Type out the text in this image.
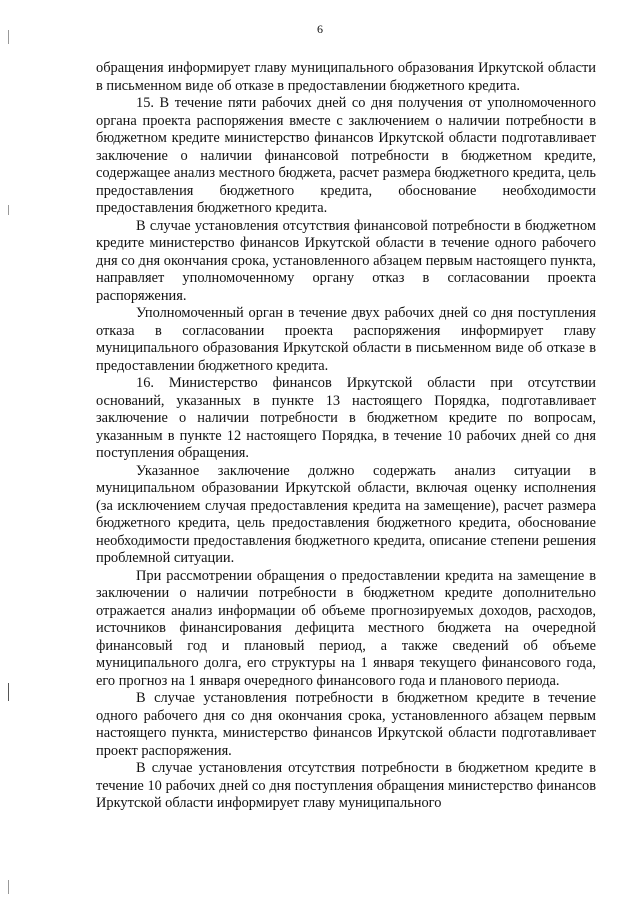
6

обращения информирует главу муниципального образования Иркутской области в письменном виде об отказе в предоставлении бюджетного кредита.

15. В течение пяти рабочих дней со дня получения от уполномоченного органа проекта распоряжения вместе с заключением о наличии потребности в бюджетном кредите министерство финансов Иркутской области подготавливает заключение о наличии финансовой потребности в бюджетном кредите, содержащее анализ местного бюджета, расчет размера бюджетного кредита, цель предоставления бюджетного кредита, обоснование необходимости предоставления бюджетного кредита.

В случае установления отсутствия финансовой потребности в бюджетном кредите министерство финансов Иркутской области в течение одного рабочего дня со дня окончания срока, установленного абзацем первым настоящего пункта, направляет уполномоченному органу отказ в согласовании проекта распоряжения.

Уполномоченный орган в течение двух рабочих дней со дня поступления отказа в согласовании проекта распоряжения информирует главу муниципального образования Иркутской области в письменном виде об отказе в предоставлении бюджетного кредита.

16. Министерство финансов Иркутской области при отсутствии оснований, указанных в пункте 13 настоящего Порядка, подготавливает заключение о наличии потребности в бюджетном кредите по вопросам, указанным в пункте 12 настоящего Порядка, в течение 10 рабочих дней со дня поступления обращения.

Указанное заключение должно содержать анализ ситуации в муниципальном образовании Иркутской области, включая оценку исполнения (за исключением случая предоставления кредита на замещение), расчет размера бюджетного кредита, цель предоставления бюджетного кредита, обоснование необходимости предоставления бюджетного кредита, описание степени решения проблемной ситуации.

При рассмотрении обращения о предоставлении кредита на замещение в заключении о наличии потребности в бюджетном кредите дополнительно отражается анализ информации об объеме прогнозируемых доходов, расходов, источников финансирования дефицита местного бюджета на очередной финансовый год и плановый период, а также сведений об объеме муниципального долга, его структуры на 1 января текущего финансового года, его прогноз на 1 января очередного финансового года и планового периода.

В случае установления потребности в бюджетном кредите в течение одного рабочего дня со дня окончания срока, установленного абзацем первым настоящего пункта, министерство финансов Иркутской области подготавливает проект распоряжения.

В случае установления отсутствия потребности в бюджетном кредите в течение 10 рабочих дней со дня поступления обращения министерство финансов Иркутской области информирует главу муниципального
